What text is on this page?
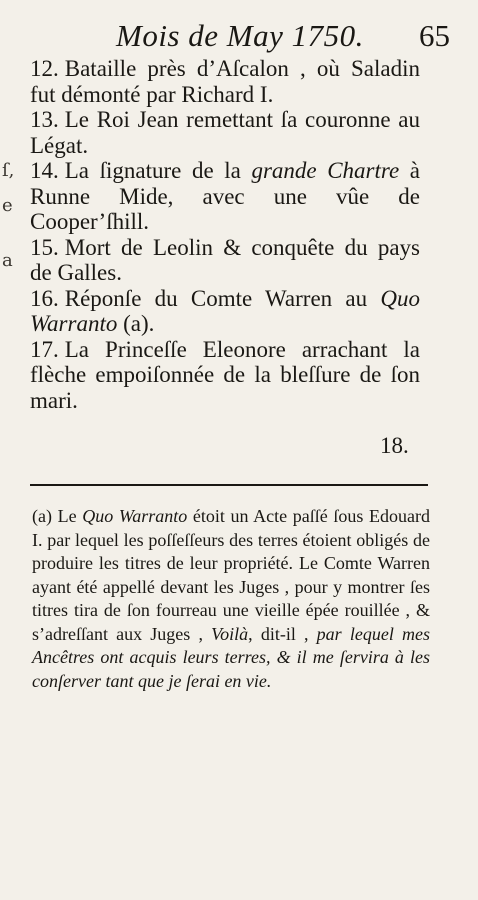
ſ,
e
a
Mois de May 1750. 65

12. Bataille près d’Aſcalon , où Saladin fut démonté par Richard I.

13. Le Roi Jean remettant ſa couronne au Légat.

14. La ſignature de la grande Chartre à Runne Mide, avec une vûe de Cooper’ſhill.

15. Mort de Leolin & conquête du pays de Galles.

16. Réponſe du Comte Warren au Quo Warranto (a).

17. La Princeſſe Eleonore arrachant la flèche empoiſonnée de la bleſſure de ſon mari.

18.

(a) Le Quo Warranto étoit un Acte paſſé ſous Edouard I. par lequel les poſſeſſeurs des terres étoient obligés de produire les titres de leur propriété. Le Comte Warren ayant été appellé devant les Juges , pour y montrer ſes titres tira de ſon fourreau une vieille épée rouillée , & s’adreſſant aux Juges , Voilà, dit-il , par lequel mes Ancêtres ont acquis leurs terres, & il me ſervira à les conſerver tant que je ſerai en vie.
